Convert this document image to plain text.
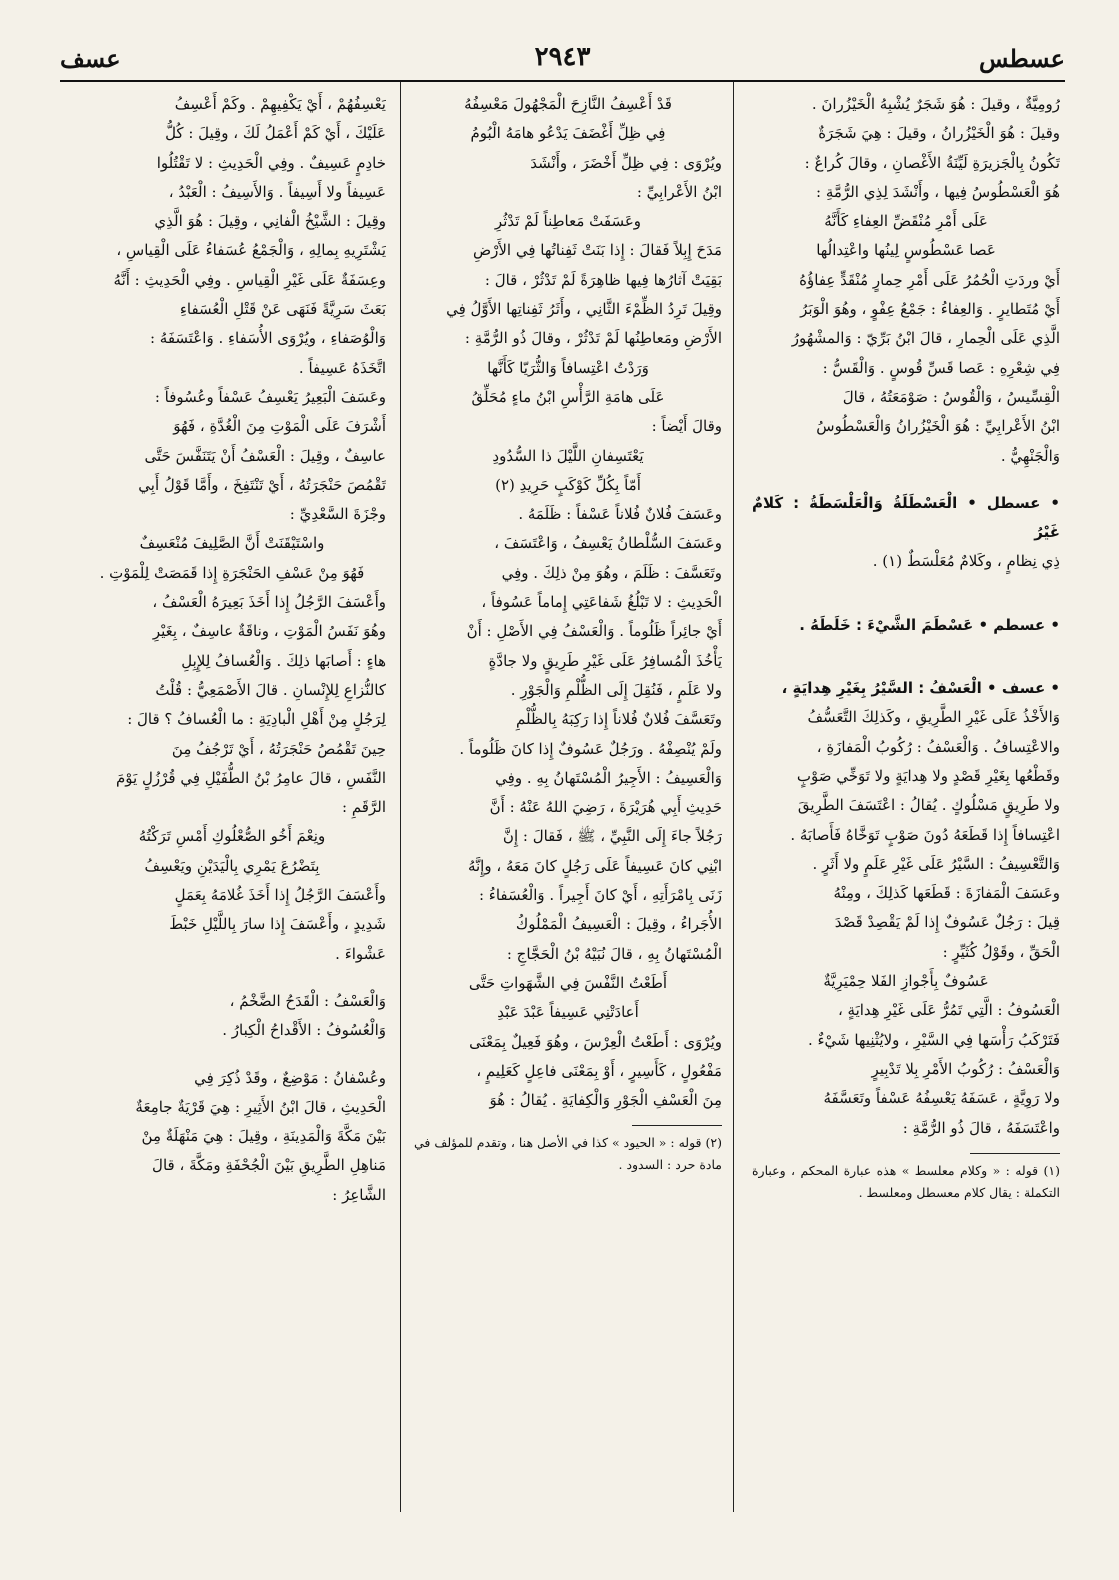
عسطس
٢٩٤٣
عسف

رُومِيَّةٌ ، وقيلَ : هُوَ شَجَرٌ يُشْبِهُ الْخَيْزُرانَ .

وقيلَ : هُوَ الْخَيْزُرانُ ، وقيلَ : هِيَ شَجَرَةٌ

تَكُونُ بِالْجَزيرَةِ لَيِّنَةُ الأَغْصانِ ، وقالَ كُراعٌ :

هُوَ الْعَسْطُوسُ فِيها ، وأَنْشَدَ لِذِي الرُّمَّةِ :

عَلَى أَمْرِ مُنْقَضِّ العِفاءِ كَأَنَّهُ

عَصا عَسْطُوسٍ لِينُها واعْتِدالُها

أَيْ وردَتِ الْحُمُرُ عَلَى أَمْرِ حِمارٍ مُنْقَدٍّ عِفاؤُهُ

أَيْ مُتَطايرٍ . وَالعِفاءُ : جَمْعُ عِفْوٍ ، وهُوَ الْوَبَرُ

الَّذِي عَلَى الْحِمارِ ، قالَ ابْنُ بَرِّيّ : وَالمشْهُورُ

فِي شِعْرِهِ : عَصا قَسِّ قُوسٍ . وَالْقَسُّ :

الْقِسِّيسُ ، وَالْقُوسُ : صَوْمَعَتُهُ ، قالَ

ابْنُ الأَعْرابِيِّ : هُوَ الْخَيْزُرانُ وَالْعَسْطُوسُ

وَالْجَنْهِيُّ .

• عسطل • الْعَسْطَلَةُ وَالْعَلْسَطَةُ : كَلامٌ غَيْرُ

ذِي نِظامٍ ، وكَلامٌ مُعَلْسَطٌ (١) .

• عسطم • عَسْطَمَ الشَّيْءَ : خَلَطَهُ .

• عسف • الْعَسْفُ : السَّيْرُ بِغَيْرِ هِدايَةٍ ،

وَالأَخْذُ عَلَى غَيْرِ الطَّرِيقِ ، وكَذلِكَ التَّعَسُّفُ

والاعْتِسافُ . وَالْعَسْفُ : رُكُوبُ الْمَفازَةِ ،

وقَطْعُها بِغَيْرِ قَصْدٍ ولا هِدايَةٍ ولا تَوَخِّي صَوْبٍ

ولا طَرِيقٍ مَسْلُوكٍ . يُقالُ : اعْتَسَفَ الطَّرِيقَ

اعْتِسافاً إِذا قَطَعَهُ دُونَ صَوْبٍ تَوَخَّاهُ فَأَصابَهُ .

وَالتَّعْسِيفُ : السَّيْرُ عَلَى غَيْرِ عَلَمٍ ولا أَثَرٍ .

وعَسَفَ الْمَفازَةَ : قَطَعَها كَذلِكَ ، ومِنْهُ

قِيلَ : رَجُلٌ عَسُوفٌ إِذا لَمْ يَقْصِدْ قَصْدَ

الْحَقِّ ، وقَوْلُ كُثَيِّرٍ :

عَسُوفٌ بِأَجْوازِ الفَلا حِمْيَرِيَّةٌ

الْعَسُوفُ : الَّتِي تَمُرُّ عَلَى غَيْرِ هِدايَةٍ ،

فَتَرْكَبُ رَأْسَها فِي السَّيْرِ ، ولايُثْنِيها شَيْءٌ .

وَالْعَسْفُ : رُكُوبُ الأَمْرِ بِلا تَدْبِيرٍ

ولا رَوِيَّةٍ ، عَسَفَهُ يَعْسِفُهُ عَسْفاً وتَعَسَّفَهُ

واعْتَسَفَهُ ، قالَ ذُو الرُّمَّةِ :

(١) قوله : « وكلام معلسط » هذه عبارة المحكم ، وعبارة التكملة : يقال كلام معسطل ومعلسط .

قَدْ أَعْسِفُ النَّازِحَ الْمَجْهُولَ مَعْسِفُهُ

فِي ظِلِّ أَغْضَفَ يَدْعُو هامَهُ الْبُومُ

ويُرْوَى : فِي ظِلِّ أَخْضَرَ ، وأَنْشَدَ

ابْنُ الأَعْرابِيِّ :

وعَسَفَتْ مَعاطِناً لَمْ تَدْثُرِ

مَدَحَ إِبِلاً فَقالَ : إِذا بَنَتْ ثَفِناتُها فِي الأَرْضِ

بَقِيَتْ آثارُها فِيها ظاهِرَةً لَمْ تَدْثُرْ ، قالَ :

وقِيلَ تَرِدُ الظِّمْءَ الثَّانِي ، وأَثَرُ ثَفِناتِها الأَوَّلُ فِي

الأَرْضِ ومَعاطِنُها لَمْ تَدْثُرْ ، وقالَ ذُو الرُّمَّةِ :

وَرَدْتُ اعْتِسافاً وَالثُّرَيّا كَأَنَّها

عَلَى هامَةِ الرَّأْسِ ابْنُ ماءٍ مُحَلِّقُ

وقالَ أَيْضاً :

يَعْتَسِفانِ اللَّيْلَ ذا السُّدُودِ

أَمّاً بِكُلِّ كَوْكَبٍ حَرِيدِ (٢)

وعَسَفَ فُلانٌ فُلاناً عَسْفاً : ظَلَمَهُ .

وعَسَفَ السُّلْطانُ يَعْسِفُ ، وَاعْتَسَفَ ،

وتَعَسَّفَ : ظَلَمَ ، وهُوَ مِنْ ذلِكَ . وفِي

الْحَدِيثِ : لا تَبْلُغُ شَفاعَتِي إِماماً عَسُوفاً ،

أَيْ جائِراً ظَلُوماً . وَالْعَسْفُ فِي الأَصْلِ : أَنْ

يَأْخُذَ الْمُسافِرُ عَلَى غَيْرِ طَرِيقٍ ولا جادَّةٍ

ولا عَلَمٍ ، فَنُقِلَ إِلَى الظُّلْمِ وَالْجَوْرِ .

وتَعَسَّفَ فُلانٌ فُلاناً إِذا رَكِبَهُ بِالظُّلْمِ

ولَمْ يُنْصِفْهُ . ورَجُلٌ عَسُوفٌ إِذا كانَ ظَلُوماً .

وَالْعَسِيفُ : الأَجِيرُ الْمُسْتَهانُ بِهِ . وفِي

حَدِيثِ أَبِي هُرَيْرَةَ ، رَضِيَ اللهُ عَنْهُ : أَنَّ

رَجُلاً جاءَ إِلَى النَّبِيِّ ، ﷺ ، فَقالَ : إِنَّ

ابْنِي كانَ عَسِيفاً عَلَى رَجُلٍ كانَ مَعَهُ ، وإِنَّهُ

زَنَى بِامْرَأَتِهِ ، أَيْ كانَ أَجِيراً . وَالْعُسَفاءُ :

الأُجَراءُ ، وقِيلَ : الْعَسِيفُ الْمَمْلُوكُ

الْمُسْتَهانُ بِهِ ، قالَ نُبَيْهُ بْنُ الْحَجَّاجِ :

أَطَعْتُ النَّفْسَ فِي الشَّهَواتِ حَتَّى

أَعادَتْنِي عَسِيفاً عَبْدَ عَبْدِ

ويُرْوَى : أَطَعْتُ الْعِرْسَ ، وهُوَ فَعِيلٌ بِمَعْنَى

مَفْعُولٍ ، كَأَسِيرٍ ، أَوْ بِمَعْنَى فاعِلٍ كَعَلِيمٍ ،

مِنَ الْعَسْفِ الْجَوْرِ وَالْكِفايَةِ . يُقالُ : هُوَ

(٢) قوله : « الحيود » كذا في الأصل هنا ، وتقدم للمؤلف في مادة حرد : السدود .

يَعْسِفُهُمْ ، أَيْ يَكْفِيهِمْ . وكَمْ أَعْسِفُ

عَلَيْكَ ، أَيْ كَمْ أَعْمَلُ لَكَ ، وقِيلَ : كُلُّ

خادِمٍ عَسِيفٌ . وفِي الْحَدِيثِ : لا تَقْتُلُوا

عَسِيفاً ولا أَسِيفاً . وَالأَسِيفُ : الْعَبْدُ ،

وقِيلَ : الشَّيْخُ الْفانِي ، وقِيلَ : هُوَ الَّذِي

يَشْتَرِيهِ بِمالِهِ ، وَالْجَمْعُ عُسَفاءُ عَلَى الْقِياسِ ،

وعِسَفَةٌ عَلَى غَيْرِ الْقِياسِ . وفِي الْحَدِيثِ : أَنَّهُ

بَعَثَ سَرِيَّةً فَنَهَى عَنْ قَتْلِ الْعُسَفاءِ

وَالْوُصَفاءِ ، ويُرْوَى الأُسَفاءِ . وَاعْتَسَفَهُ :

اتَّخَذَهُ عَسِيفاً .

وعَسَفَ الْبَعِيرُ يَعْسِفُ عَسْفاً وعُسُوفاً :

أَشْرَفَ عَلَى الْمَوْتِ مِنَ الْغُدَّةِ ، فَهُوَ

عاسِفٌ ، وقِيلَ : الْعَسْفُ أَنْ يَتَنَفَّسَ حَتَّى

تَقْمُصَ حَنْجَرَتُهُ ، أَيْ تَنْتَفِخَ ، وأَمَّا قَوْلُ أَبِي

وجْزَةَ السَّعْدِيِّ :

واسْتَيْقَنَتْ أَنَّ الصَّلِيفَ مُنْعَسِفٌ

فَهُوَ مِنْ عَسْفِ الحَنْجَرَةِ إِذا قَمَصَتْ لِلْمَوْتِ .

وأَعْسَفَ الرَّجُلُ إِذا أَخَذَ بَعِيرَهُ الْعَسْفُ ،

وهُوَ نَفَسُ الْمَوْتِ ، وناقَةٌ عاسِفٌ ، بِغَيْرِ

هاءٍ : أَصابَها ذلِكَ . وَالْعُسافُ لِلإِبِلِ

كالنُّزاعِ لِلإِنْسانِ . قالَ الأَصْمَعِيُّ : قُلْتُ

لِرَجُلٍ مِنْ أَهْلِ الْبادِيَةِ : ما الْعُسافُ ؟ قالَ :

حِينَ تَقْمُصُ حَنْجَرَتُهُ ، أَيْ تَرْجُفُ مِنَ

النَّفَسِ ، قالَ عامِرُ بْنُ الطُّفَيْلِ فِي قُرْزُلٍ يَوْمَ

الرَّقَمِ :

ونِعْمَ أَخُو الصُّعْلُوكِ أَمْسِ تَرَكْتُهُ

بِتَضْرُعَ يَمْرِي بِالْيَدَيْنِ ويَعْسِفُ

وأَعْسَفَ الرَّجُلُ إِذا أَخَذَ غُلامَهُ بِعَمَلٍ

شَدِيدٍ ، وأَعْسَفَ إِذا سارَ بِاللَّيْلِ خَبْطَ

عَشْواءَ .

وَالْعَسْفُ : الْقَدَحُ الضَّخْمُ ،

وَالْعُسُوفُ : الأَقْداحُ الْكِبارُ .

وعُسْفانُ : مَوْضِعٌ ، وقَدْ ذُكِرَ فِي

الْحَدِيثِ ، قالَ ابْنُ الأَثِيرِ : هِيَ قَرْيَةٌ جامِعَةٌ

بَيْنَ مَكَّةَ وَالْمَدِينَةِ ، وقِيلَ : هِيَ مَنْهَلَةٌ مِنْ

مَناهِلِ الطَّرِيقِ بَيْنَ الْجُحْفَةِ ومَكَّةَ ، قالَ

الشَّاعِرُ :
